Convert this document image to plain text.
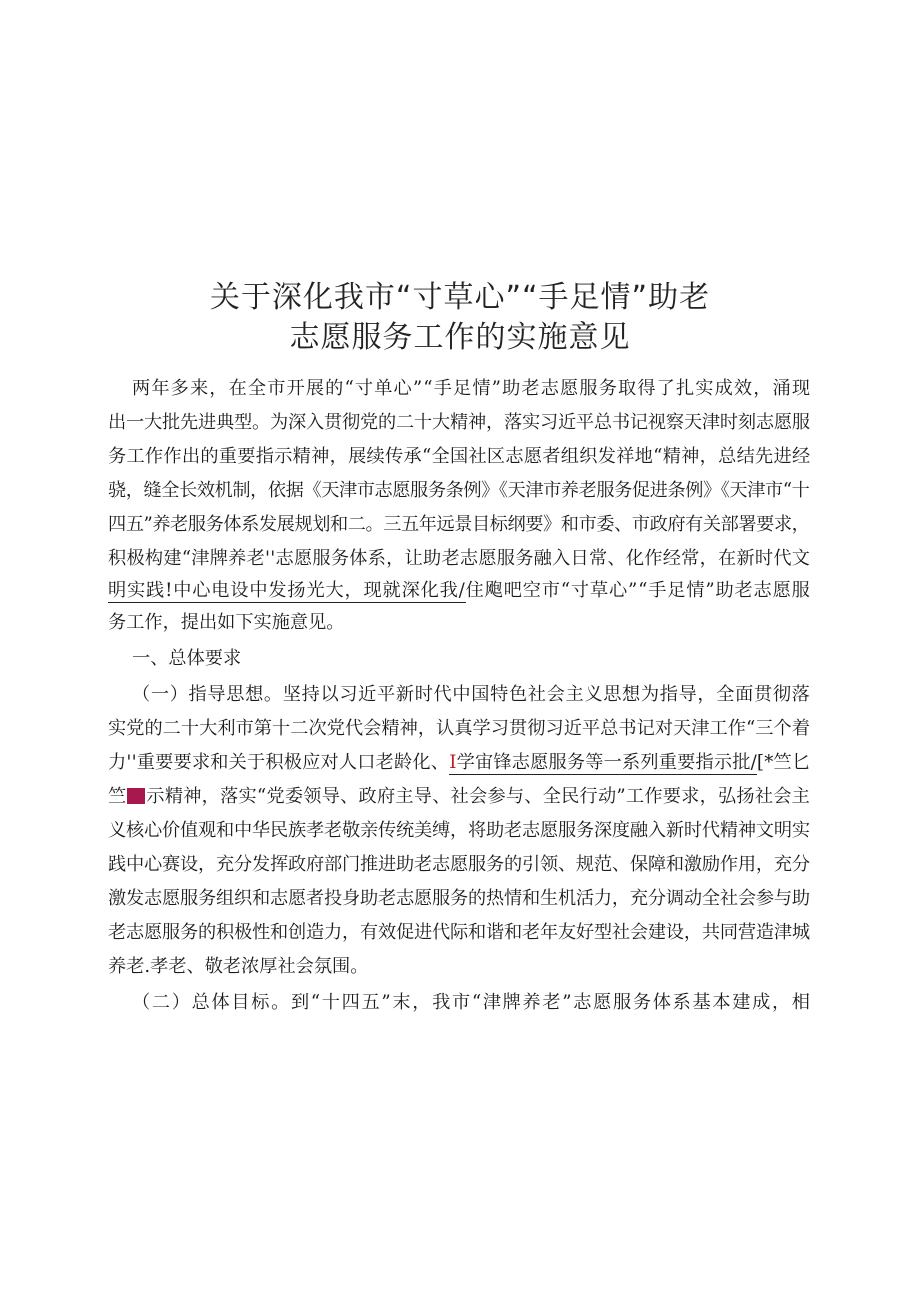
关于深化我市“寸草心”“手足情”助老
志愿服务工作的实施意见

两年多来，在全市开展的“寸单心”“手足情”助老志愿服务取得了扎实成效，涌现

出一大批先进典型。为深入贯彻党的二十大精神，落实习近平总书记视察天津时刻志愿服

务工作作出的重要指示精神，展续传承“全国社区志愿者组织发祥地“精神，总结先进经

骁，缝全长效机制，依据《天津市志愿服务条例》《天津市养老服务促进条例》《天津市“十

四五”养老服务体系发展规划和二。三五年远景目标纲要》和市委、市政府有关部署要求，

积极构建“津牌养老''志愿服务体系，让助老志愿服务融入日常、化作经常，在新时代文

明实践!中心电设中发扬光大，现就深化我/住飑吧空市“寸草心”“手足情”助老志愿服

务工作，提出如下实施意见。

一、总体要求

（一）指导思想。坚持以习近平新时代中国特色社会主义思想为指导，全面贯彻落

实党的二十大利市第十二次党代会精神，认真学习贯彻习近平总书记对天津工作“三个着

力''重要要求和关于积极应对人口老龄化、I学宙锋志愿服务等一系列重要指示批/[*竺匕

竺 示精神，落实“党委领导、政府主导、社会参与、全民行动”工作要求，弘扬社会主

义核心价值观和中华民族孝老敬亲传统美缚，将助老志愿服务深度融入新时代精神文明实

践中心赛设，充分发挥政府部门推进助老志愿服务的引领、规范、保障和激励作用，充分

激发志愿服务组织和志愿者投身助老志愿服务的热情和生机活力，充分调动全社会参与助

老志愿服务的积极性和创造力，有效促进代际和谐和老年友好型社会建设，共同营造津城

养老.孝老、敬老浓厚社会氛围。

（二）总体目标。到“十四五”末，我市“津牌养老”志愿服务体系基本建成，相
